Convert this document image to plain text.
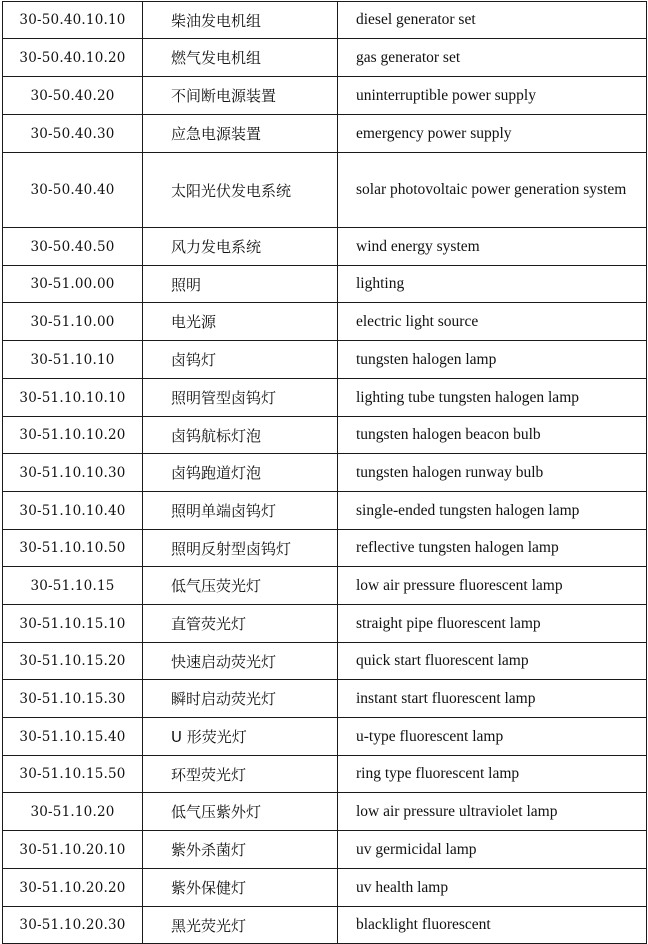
30-50.40.10.10	柴油发电机组	diesel generator set
30-50.40.10.20	燃气发电机组	gas generator set
30-50.40.20	不间断电源装置	uninterruptible power supply
30-50.40.30	应急电源装置	emergency power supply
30-50.40.40	太阳光伏发电系统	solar photovoltaic power generation system
30-50.40.50	风力发电系统	wind energy system
30-51.00.00	照明	lighting
30-51.10.00	电光源	electric light source
30-51.10.10	卤钨灯	tungsten halogen lamp
30-51.10.10.10	照明管型卤钨灯	lighting tube tungsten halogen lamp
30-51.10.10.20	卤钨航标灯泡	tungsten halogen beacon bulb
30-51.10.10.30	卤钨跑道灯泡	tungsten halogen runway bulb
30-51.10.10.40	照明单端卤钨灯	single-ended tungsten halogen lamp
30-51.10.10.50	照明反射型卤钨灯	reflective tungsten halogen lamp
30-51.10.15	低气压荧光灯	low air pressure fluorescent lamp
30-51.10.15.10	直管荧光灯	straight pipe fluorescent lamp
30-51.10.15.20	快速启动荧光灯	quick start fluorescent lamp
30-51.10.15.30	瞬时启动荧光灯	instant start fluorescent lamp
30-51.10.15.40	U 形荧光灯	u-type fluorescent lamp
30-51.10.15.50	环型荧光灯	ring type fluorescent lamp
30-51.10.20	低气压紫外灯	low air pressure ultraviolet lamp
30-51.10.20.10	紫外杀菌灯	uv germicidal lamp
30-51.10.20.20	紫外保健灯	uv health lamp
30-51.10.20.30	黑光荧光灯	blacklight fluorescent
